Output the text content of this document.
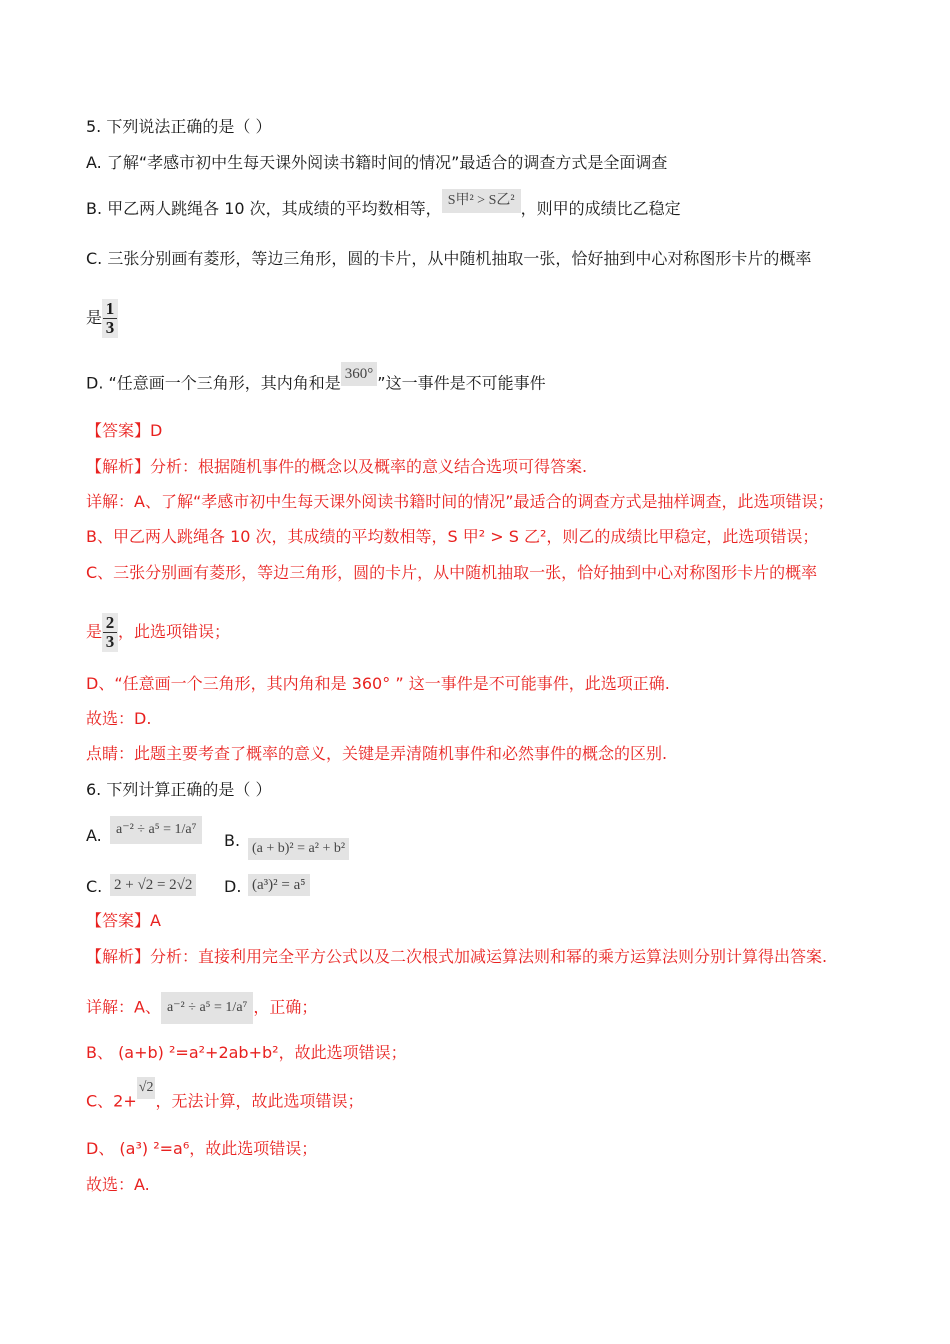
5. 下列说法正确的是（ ）
A. 了解“孝感市初中生每天课外阅读书籍时间的情况”最适合的调查方式是全面调查
B. 甲乙两人跳绳各 10 次，其成绩的平均数相等， S甲² > S乙² ，则甲的成绩比乙稳定
C. 三张分别画有菱形，等边三角形，圆的卡片，从中随机抽取一张，恰好抽到中心对称图形卡片的概率
是 $\frac{1}{3}$
D. “任意画一个三角形，其内角和是 360° ”这一事件是不可能事件
【答案】D
【解析】分析：根据随机事件的概念以及概率的意义结合选项可得答案.
详解：A、了解“孝感市初中生每天课外阅读书籍时间的情况”最适合的调查方式是抽样调查，此选项错误；
B、甲乙两人跳绳各 10 次，其成绩的平均数相等，S 甲² > S 乙²，则乙的成绩比甲稳定，此选项错误；
C、三张分别画有菱形，等边三角形，圆的卡片，从中随机抽取一张，恰好抽到中心对称图形卡片的概率
是 $\frac{2}{3}$ ，此选项错误；
D、“任意画一个三角形，其内角和是 360° ” 这一事件是不可能事件，此选项正确.
故选：D.
点睛：此题主要考查了概率的意义，关键是弄清随机事件和必然事件的概念的区别.
6. 下列计算正确的是（ ）
A.	a⁻² ÷ a⁵ = 1/a⁷
B. (a + b)² = a² + b²
C. 2 + √2 = 2√2 D. (a³)² = a⁵
【答案】A
【解析】分析：直接利用完全平方公式以及二次根式加减运算法则和幂的乘方运算法则分别计算得出答案.
详解：A、 a⁻² ÷ a⁵ = 1/a⁷ ，正确；
B、 (a+b) ²=a²+2ab+b²，故此选项错误；
C、2+√2，无法计算，故此选项错误；
D、 (a³) ²=a⁶，故此选项错误；
故选：A.
